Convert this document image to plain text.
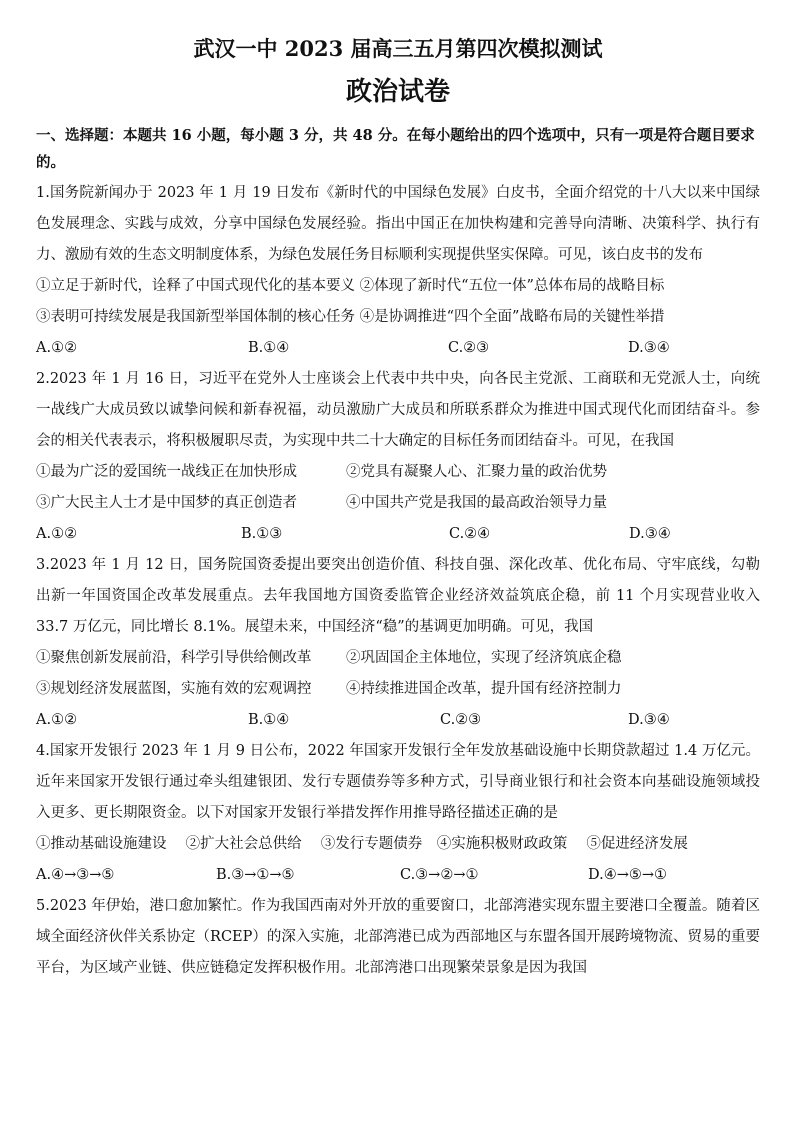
武汉一中 2023 届高三五月第四次模拟测试

政治试卷

一、选择题：本题共 16 小题，每小题 3 分，共 48 分。在每小题给出的四个选项中，只有一项是符合题目要求的。

1.国务院新闻办于 2023 年 1 月 19 日发布《新时代的中国绿色发展》白皮书，全面介绍党的十八大以来中国绿色发展理念、实践与成效，分享中国绿色发展经验。指出中国正在加快构建和完善导向清晰、决策科学、执行有力、激励有效的生态文明制度体系，为绿色发展任务目标顺利实现提供坚实保障。可见，该白皮书的发布

①立足于新时代，诠释了中国式现代化的基本要义 ②体现了新时代“五位一体”总体布局的战略目标

③表明可持续发展是我国新型举国体制的核心任务 ④是协调推进“四个全面”战略布局的关键性举措

A.①②	B.①④	C.②③	D.③④

2.2023 年 1 月 16 日，习近平在党外人士座谈会上代表中共中央，向各民主党派、工商联和无党派人士，向统一战线广大成员致以诚挚问候和新春祝福，动员激励广大成员和所联系群众为推进中国式现代化而团结奋斗。参会的相关代表表示，将积极履职尽责，为实现中共二十大确定的目标任务而团结奋斗。可见，在我国

①最为广泛的爱国统一战线正在加快形成	②党具有凝聚人心、汇聚力量的政治优势
③广大民主人士才是中国梦的真正创造者	④中国共产党是我国的最高政治领导力量
A.①②	B.①③	C.②④	D.③④

3.2023 年 1 月 12 日，国务院国资委提出要突出创造价值、科技自强、深化改革、优化布局、守牢底线，勾勒出新一年国资国企改革发展重点。去年我国地方国资委监管企业经济效益筑底企稳，前 11 个月实现营业收入 33.7 万亿元，同比增长 8.1%。展望未来，中国经济“稳”的基调更加明确。可见，我国

①聚焦创新发展前沿，科学引导供给侧改革	②巩固国企主体地位，实现了经济筑底企稳
③规划经济发展蓝图，实施有效的宏观调控	④持续推进国企改革，提升国有经济控制力
A.①②	B.①④	C.②③	D.③④

4.国家开发银行 2023 年 1 月 9 日公布，2022 年国家开发银行全年发放基础设施中长期贷款超过 1.4 万亿元。近年来国家开发银行通过牵头组建银团、发行专题债券等多种方式，引导商业银行和社会资本向基础设施领域投入更多、更长期限资金。以下对国家开发银行举措发挥作用推导路径描述正确的是

①推动基础设施建设　 ②扩大社会总供给　 ③发行专题债券　④实施积极财政政策　 ⑤促进经济发展

A.④→③→⑤	B.③→①→⑤	C.③→②→①	D.④→⑤→①

5.2023 年伊始，港口愈加繁忙。作为我国西南对外开放的重要窗口，北部湾港实现东盟主要港口全覆盖。随着区域全面经济伙伴关系协定（RCEP）的深入实施，北部湾港已成为西部地区与东盟各国开展跨境物流、贸易的重要平台，为区域产业链、供应链稳定发挥积极作用。北部湾港口出现繁荣景象是因为我国
